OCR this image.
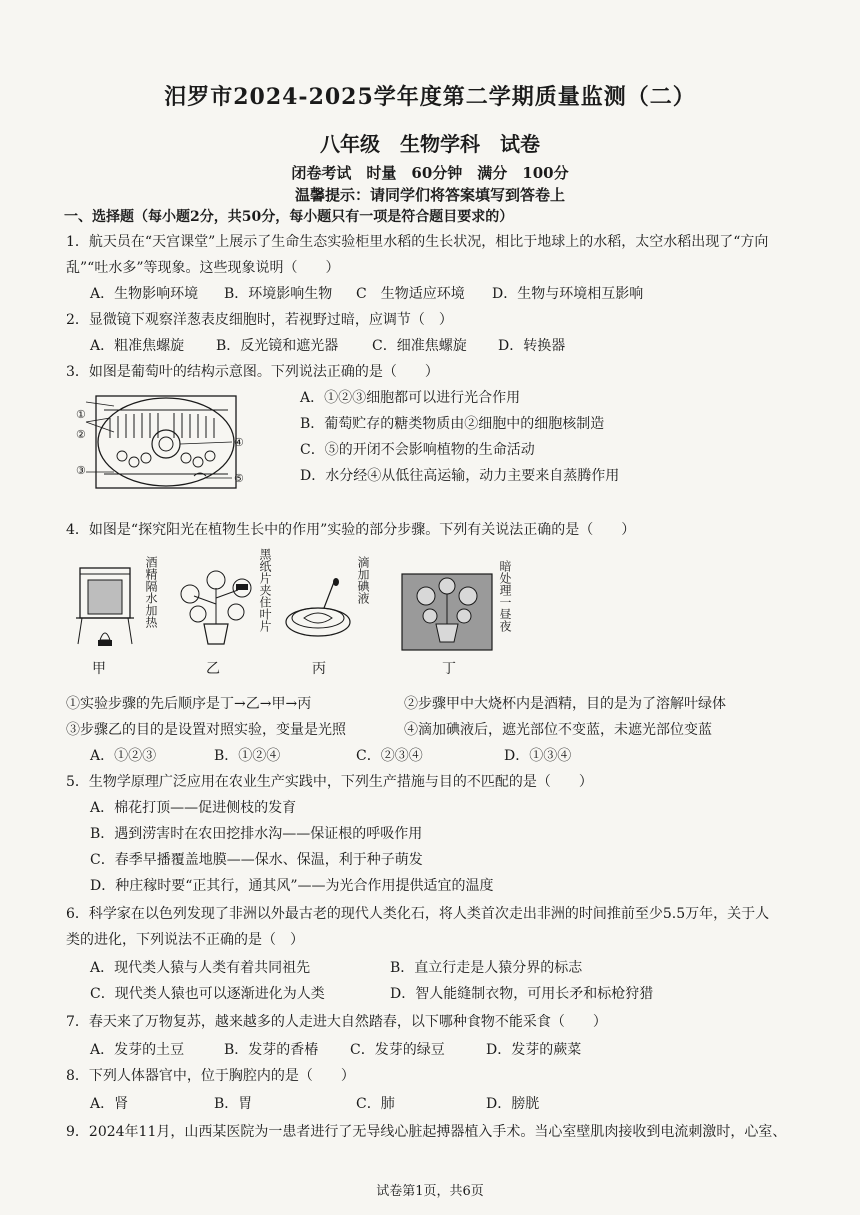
汨罗市2024-2025学年度第二学期质量监测（二）
八年级　生物学科　试卷
闭卷考试　时量　60分钟　满分　100分
温馨提示：请同学们将答案填写到答卷上
一、选择题（每小题2分，共50分，每小题只有一项是符合题目要求的）
1．航天员在“天宫课堂”上展示了生命生态实验柜里水稻的生长状况，相比于地球上的水稻，太空水稻出现了“方向
乱”“吐水多”等现象。这些现象说明（　　）
A．生物影响环境 B．环境影响生物 C　生物适应环境 D．生物与环境相互影响
2．显微镜下观察洋葱表皮细胞时，若视野过暗，应调节（　）
A．粗准焦螺旋 B．反光镜和遮光器 C．细准焦螺旋 D．转换器
3．如图是葡萄叶的结构示意图。下列说法正确的是（　　）
①
②
③
④
⑤
A．①②③细胞都可以进行光合作用
B．葡萄贮存的糖类物质由②细胞中的细胞核制造
C．⑤的开闭不会影响植物的生命活动
D．水分经④从低往高运输，动力主要来自蒸腾作用
4．如图是“探究阳光在植物生长中的作用”实验的部分步骤。下列有关说法正确的是（　　）
酒精隔水加热
甲
黑纸片夹住叶片
乙
滴加碘液
丙
暗处理一昼夜
丁
①实验步骤的先后顺序是丁→乙→甲→丙	②步骤甲中大烧杯内是酒精，目的是为了溶解叶绿体
③步骤乙的目的是设置对照实验，变量是光照	④滴加碘液后，遮光部位不变蓝，未遮光部位变蓝
A．①②③	B．①②④	C．②③④	D．①③④
5．生物学原理广泛应用在农业生产实践中，下列生产措施与目的不匹配的是（　　）
A．棉花打顶——促进侧枝的发育
B．遇到涝害时在农田挖排水沟——保证根的呼吸作用
C．春季早播覆盖地膜——保水、保温，利于种子萌发
D．种庄稼时要“正其行，通其风”——为光合作用提供适宜的温度
6．科学家在以色列发现了非洲以外最古老的现代人类化石，将人类首次走出非洲的时间推前至少5.5万年，关于人
类的进化，下列说法不正确的是（　）
A．现代类人猿与人类有着共同祖先	B．直立行走是人猿分界的标志
C．现代类人猿也可以逐渐进化为人类	D．智人能缝制衣物，可用长矛和标枪狩猎
7．春天来了万物复苏，越来越多的人走进大自然踏春，以下哪种食物不能采食（　　）
A．发芽的土豆	B．发芽的香椿 C．发芽的绿豆	D．发芽的蕨菜
8．下列人体器官中，位于胸腔内的是（　　）
A．肾	B．胃	C．肺	D．膀胱
9．2024年11月，山西某医院为一患者进行了无导线心脏起搏器植入手术。当心室壁肌肉接收到电流刺激时，心室、
试卷第1页，共6页
